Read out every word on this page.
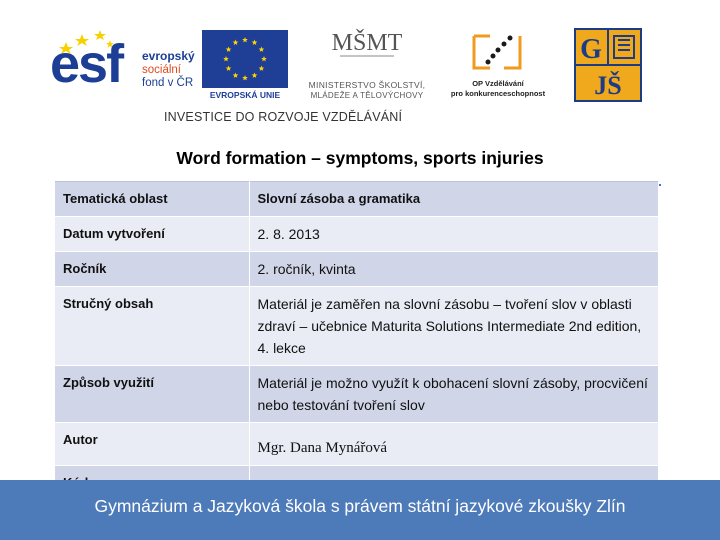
esf evropský
sociální
fond v ČR
EVROPSKÁ UNIE
MŠMT
MINISTERSTVO ŠKOLSTVÍ,
MLÁDEŽE A TĚLOVÝCHOVY
OP Vzdělávání
pro konkurenceschopnost
G
JŠ
INVESTICE DO ROZVOJE VZDĚLÁVÁNÍ
Word formation – symptoms, sports injuries
Tematická oblast	Slovní zásoba a gramatika
Datum vytvoření	2. 8. 2013
Ročník	2. ročník, kvinta
Stručný obsah	Materiál je zaměřen na slovní zásobu – tvoření slov v oblasti zdraví – učebnice Maturita Solutions Intermediate 2nd edition, 4. lekce
Způsob využití	Materiál je možno využít k obohacení slovní zásoby, procvičení nebo testování tvoření slov
Autor	Mgr. Dana Mynářová

Gymnázium a Jazyková škola s právem státní jazykové zkoušky Zlín
